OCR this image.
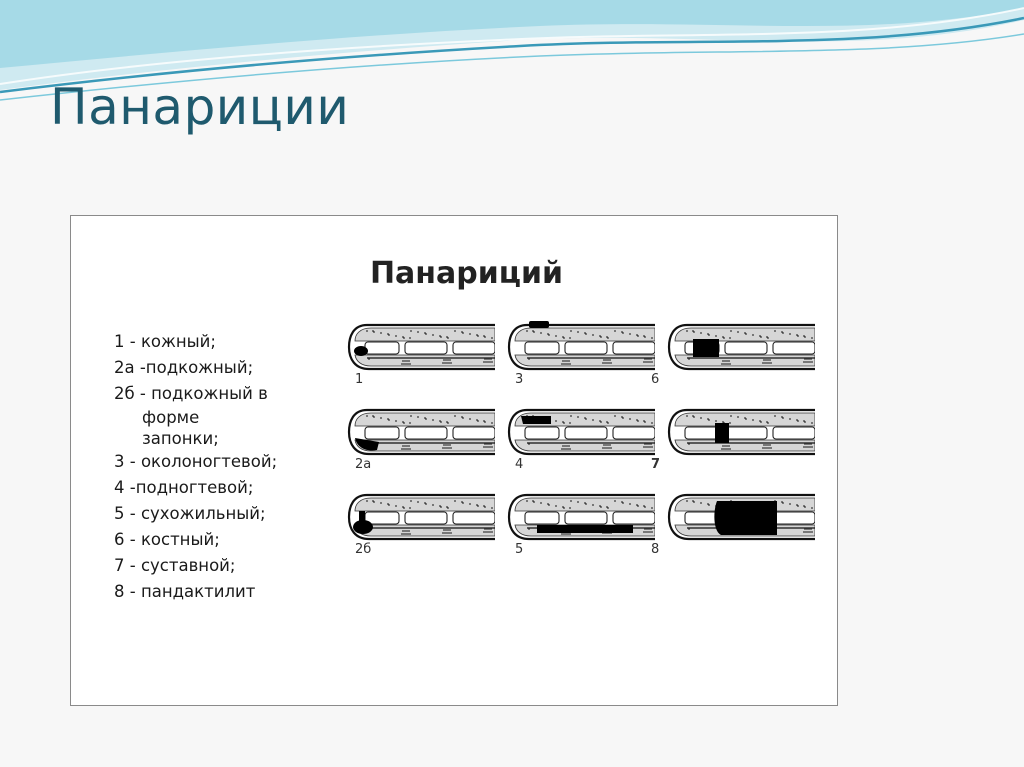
Панариции
Панариций
1 - кожный;
2а -подкожный;
2б - подкожный в
форме
запонки;
3 - околоногтевой;
4 -подногтевой;
5 - сухожильный;
6 - костный;
7 - суставной;
8 - пандактилит
1	3	6
2а	4	7
2б	5	8
